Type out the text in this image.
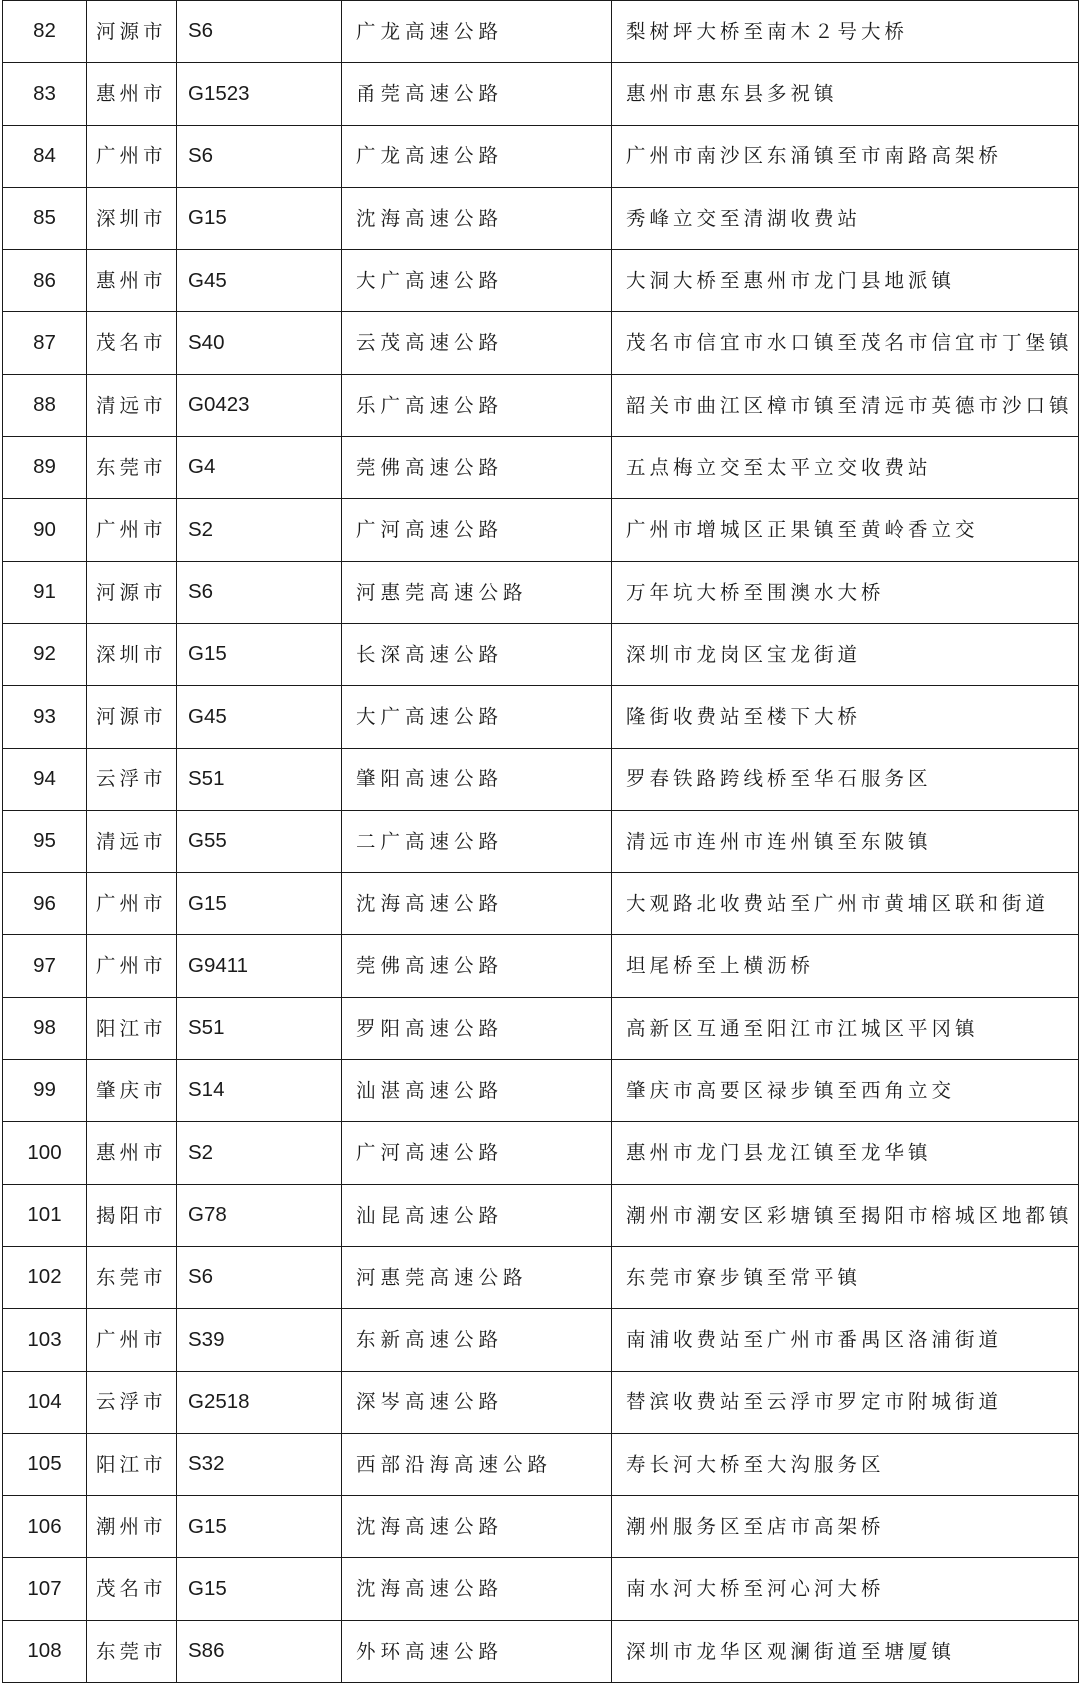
82	河源市	S6	广龙高速公路	梨树坪大桥至南木２号大桥
83	惠州市	G1523	甬莞高速公路	惠州市惠东县多祝镇
84	广州市	S6	广龙高速公路	广州市南沙区东涌镇至市南路高架桥
85	深圳市	G15	沈海高速公路	秀峰立交至清湖收费站
86	惠州市	G45	大广高速公路	大洞大桥至惠州市龙门县地派镇
87	茂名市	S40	云茂高速公路	茂名市信宜市水口镇至茂名市信宜市丁堡镇
88	清远市	G0423	乐广高速公路	韶关市曲江区樟市镇至清远市英德市沙口镇
89	东莞市	G4	莞佛高速公路	五点梅立交至太平立交收费站
90	广州市	S2	广河高速公路	广州市增城区正果镇至黄岭香立交
91	河源市	S6	河惠莞高速公路	万年坑大桥至围澳水大桥
92	深圳市	G15	长深高速公路	深圳市龙岗区宝龙街道
93	河源市	G45	大广高速公路	隆街收费站至楼下大桥
94	云浮市	S51	肇阳高速公路	罗春铁路跨线桥至华石服务区
95	清远市	G55	二广高速公路	清远市连州市连州镇至东陂镇
96	广州市	G15	沈海高速公路	大观路北收费站至广州市黄埔区联和街道
97	广州市	G9411	莞佛高速公路	坦尾桥至上横沥桥
98	阳江市	S51	罗阳高速公路	高新区互通至阳江市江城区平冈镇
99	肇庆市	S14	汕湛高速公路	肇庆市高要区禄步镇至西角立交
100	惠州市	S2	广河高速公路	惠州市龙门县龙江镇至龙华镇
101	揭阳市	G78	汕昆高速公路	潮州市潮安区彩塘镇至揭阳市榕城区地都镇
102	东莞市	S6	河惠莞高速公路	东莞市寮步镇至常平镇
103	广州市	S39	东新高速公路	南浦收费站至广州市番禺区洛浦街道
104	云浮市	G2518	深岑高速公路	替滨收费站至云浮市罗定市附城街道
105	阳江市	S32	西部沿海高速公路	寿长河大桥至大沟服务区
106	潮州市	G15	沈海高速公路	潮州服务区至店市高架桥
107	茂名市	G15	沈海高速公路	南水河大桥至河心河大桥
108	东莞市	S86	外环高速公路	深圳市龙华区观澜街道至塘厦镇
